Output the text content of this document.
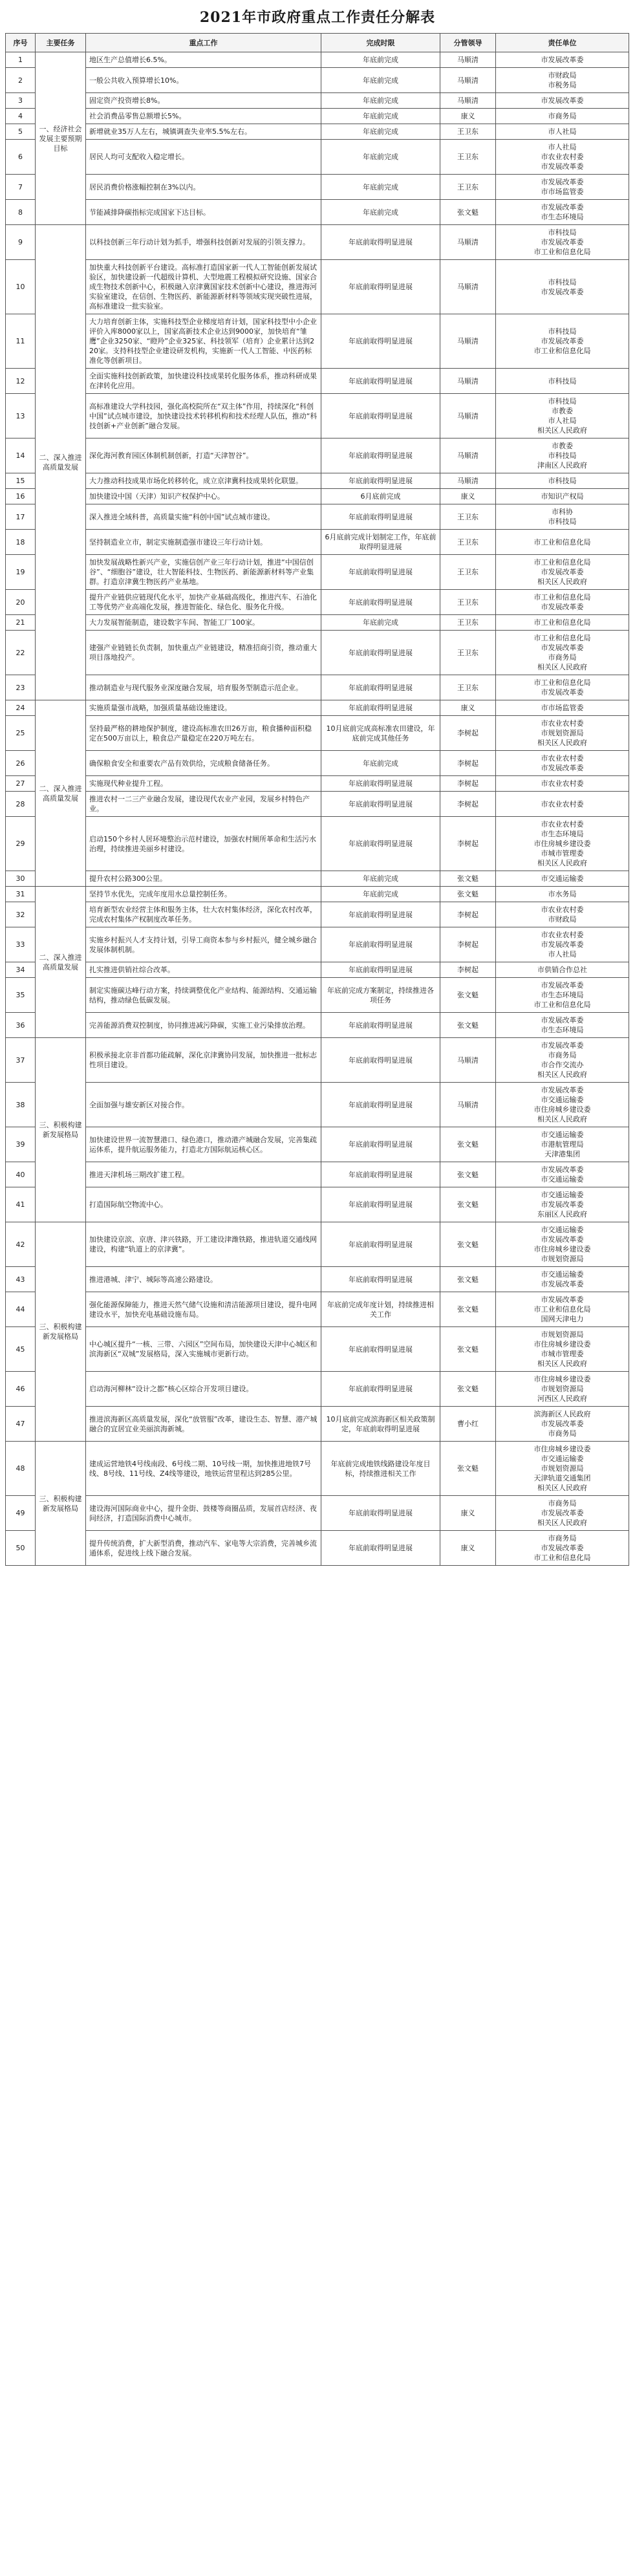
2021年市政府重点工作责任分解表
序号	主要任务	重点工作	完成时限	分管领导	责任单位
1	一、经济社会发展主要预期目标	地区生产总值增长6.5%。	年底前完成	马顺清	市发展改革委
2		一般公共收入预算增长10%。	年底前完成	马顺清	市财政局
市税务局
3		固定资产投资增长8%。	年底前完成	马顺清	市发展改革委
4		社会消费品零售总额增长5%。	年底前完成	康义	市商务局
5		新增就业35万人左右，城镇调查失业率5.5%左右。	年底前完成	王卫东	市人社局
6		居民人均可支配收入稳定增长。	年底前完成	王卫东	市人社局
市农业农村委
市发展改革委
7		居民消费价格涨幅控制在3%以内。	年底前完成	王卫东	市发展改革委
市市场监管委
8		节能减排降碳指标完成国家下达目标。	年底前完成	张文魁	市发展改革委
市生态环境局
9	二、深入推进高质量发展	以科技创新三年行动计划为抓手，增强科技创新对发展的引领支撑力。	年底前取得明显进展	马顺清	市科技局
市发展改革委
市工业和信息化局
10		加快重大科技创新平台建设。高标准打造国家新一代人工智能创新发展试验区，加快建设新一代超级计算机、大型地震工程模拟研究设施、国家合成生物技术创新中心，积极融入京津冀国家技术创新中心建设，推进海河实验室建设，在信创、生物医药、新能源新材料等领域实现突破性进展，高标准建设一批实验室。	年底前取得明显进展	马顺清	市科技局
市发展改革委
11		大力培育创新主体，实施科技型企业梯度培育计划，国家科技型中小企业评价入库8000家以上，国家高新技术企业达到9000家，加快培育“雏鹰”企业3250家、“瞪羚”企业325家、科技领军（培育）企业累计达到220家。支持科技型企业建设研发机构，实施新一代人工智能、中医药标准化等创新项目。	年底前取得明显进展	马顺清	市科技局
市发展改革委
市工业和信息化局
12		全面实施科技创新政策，加快建设科技成果转化服务体系，推动科研成果在津转化应用。	年底前取得明显进展	马顺清	市科技局
13		高标准建设大学科技园，强化高校院所在“双主体”作用，持续深化“科创中国”试点城市建设，加快建设技术转移机构和技术经理人队伍，推动“科技创新+产业创新”融合发展。	年底前取得明显进展	马顺清	市科技局
市教委
市人社局
相关区人民政府
14		深化海河教育园区体制机制创新，打造“天津智谷”。	年底前取得明显进展	马顺清	市教委
市科技局
津南区人民政府
15		大力推动科技成果市场化转移转化，成立京津冀科技成果转化联盟。	年底前取得明显进展	马顺清	市科技局
16		加快建设中国（天津）知识产权保护中心。	6月底前完成	康义	市知识产权局
17		深入推进全域科普，高质量实施“科创中国”试点城市建设。	年底前取得明显进展	王卫东	市科协
市科技局
18		坚持制造业立市，制定实施制造强市建设三年行动计划。	6月底前完成计划制定工作，年底前取得明显进展	王卫东	市工业和信息化局
19		加快发展战略性新兴产业，实施信创产业三年行动计划，推进“中国信创谷”、“细胞谷”建设，壮大智能科技、生物医药、新能源新材料等产业集群。打造京津冀生物医药产业基地。	年底前取得明显进展	王卫东	市工业和信息化局
市发展改革委
相关区人民政府
20		提升产业链供应链现代化水平，加快产业基础高级化，推进汽车、石油化工等优势产业高端化发展，推进智能化、绿色化、服务化升级。	年底前取得明显进展	王卫东	市工业和信息化局
市发展改革委
21		大力发展智能制造，建设数字车间、智能工厂100家。	年底前完成	王卫东	市工业和信息化局
22		建强产业链链长负责制，加快重点产业链建设，精准招商引资，推动重大项目落地投产。	年底前取得明显进展	王卫东	市工业和信息化局
市发展改革委
市商务局
相关区人民政府
23		推动制造业与现代服务业深度融合发展，培育服务型制造示范企业。	年底前取得明显进展	王卫东	市工业和信息化局
市发展改革委
24	二、深入推进高质量发展	实施质量强市战略，加强质量基础设施建设。	年底前取得明显进展	康义	市市场监管委
25		坚持最严格的耕地保护制度，建设高标准农田26万亩，粮食播种面积稳定在500万亩以上，粮食总产量稳定在220万吨左右。	10月底前完成高标准农田建设，年底前完成其他任务	李树起	市农业农村委
市规划资源局
相关区人民政府
26		确保粮食安全和重要农产品有效供给，完成粮食储备任务。	年底前完成	李树起	市农业农村委
市发展改革委
27		实施现代种业提升工程。	年底前取得明显进展	李树起	市农业农村委
28		推进农村一二三产业融合发展，建设现代农业产业园，发展乡村特色产业。	年底前取得明显进展	李树起	市农业农村委
29		启动150个乡村人居环境整治示范村建设，加强农村厕所革命和生活污水治理，持续推进美丽乡村建设。	年底前取得明显进展	李树起	市农业农村委
市生态环境局
市住房城乡建设委
市城市管理委
相关区人民政府
30		提升农村公路300公里。	年底前完成	张文魁	市交通运输委
31	二、深入推进高质量发展	坚持节水优先，完成年度用水总量控制任务。	年底前完成	张文魁	市水务局
32		培育新型农业经营主体和服务主体，壮大农村集体经济，深化农村改革，完成农村集体产权制度改革任务。	年底前取得明显进展	李树起	市农业农村委
市财政局
33		实施乡村振兴人才支持计划，引导工商资本参与乡村振兴，健全城乡融合发展体制机制。	年底前取得明显进展	李树起	市农业农村委
市发展改革委
市人社局
34		扎实推进供销社综合改革。	年底前取得明显进展	李树起	市供销合作总社
35		制定实施碳达峰行动方案，持续调整优化产业结构、能源结构、交通运输结构，推动绿色低碳发展。	年底前完成方案制定，持续推进各项任务	张文魁	市发展改革委
市生态环境局
市工业和信息化局
36		完善能源消费双控制度，协同推进减污降碳，实施工业污染排放治理。	年底前取得明显进展	张文魁	市发展改革委
市生态环境局
37	三、积极构建新发展格局	积极承接北京非首都功能疏解，深化京津冀协同发展，加快推进一批标志性项目建设。	年底前取得明显进展	马顺清	市发展改革委
市商务局
市合作交流办
相关区人民政府
38		全面加强与雄安新区对接合作。	年底前取得明显进展	马顺清	市发展改革委
市交通运输委
市住房城乡建设委
相关区人民政府
39		加快建设世界一流智慧港口、绿色港口，推动港产城融合发展，完善集疏运体系，提升航运服务能力，打造北方国际航运核心区。	年底前取得明显进展	张文魁	市交通运输委
市港航管理局
天津港集团
40		推进天津机场三期改扩建工程。	年底前取得明显进展	张文魁	市发展改革委
市交通运输委
41		打造国际航空物流中心。	年底前取得明显进展	张文魁	市交通运输委
市发展改革委
东丽区人民政府
42	三、积极构建新发展格局	加快建设京滨、京唐、津兴铁路，开工建设津潍铁路，推进轨道交通线网建设，构建“轨道上的京津冀”。	年底前取得明显进展	张文魁	市交通运输委
市发展改革委
市住房城乡建设委
市规划资源局
43		推进港城、津宁、城际等高速公路建设。	年底前取得明显进展	张文魁	市交通运输委
市发展改革委
44		强化能源保障能力，推进天然气储气设施和清洁能源项目建设，提升电网建设水平，加快充电基础设施布局。	年底前完成年度计划，持续推进相关工作	张文魁	市发展改革委
市工业和信息化局
国网天津电力
45		中心城区提升“一核、三带、六园区”空间布局，加快建设天津中心城区和滨海新区“双城”发展格局，深入实施城市更新行动。	年底前取得明显进展	张文魁	市规划资源局
市住房城乡建设委
市城市管理委
相关区人民政府
46		启动海河柳林“设计之都”核心区综合开发项目建设。	年底前取得明显进展	张文魁	市住房城乡建设委
市规划资源局
河西区人民政府
47		推进滨海新区高质量发展，深化“放管服”改革，建设生态、智慧、港产城融合的宜居宜业美丽滨海新城。	10月底前完成滨海新区相关政策制定，年底前取得明显进展	曹小红	滨海新区人民政府
市发展改革委
市商务局
48	三、积极构建新发展格局	建成运营地铁4号线南段、6号线二期、10号线一期，加快推进地铁7号线、8号线、11号线、Z4线等建设，地铁运营里程达到285公里。	年底前完成地铁线路建设年度目标，持续推进相关工作	张文魁	市住房城乡建设委
市交通运输委
市规划资源局
天津轨道交通集团
相关区人民政府
49		建设海河国际商业中心，提升金街、鼓楼等商圈品质，发展首店经济、夜间经济，打造国际消费中心城市。	年底前取得明显进展	康义	市商务局
市发展改革委
相关区人民政府
50		提升传统消费，扩大新型消费，推动汽车、家电等大宗消费，完善城乡流通体系，促进线上线下融合发展。	年底前取得明显进展	康义	市商务局
市发展改革委
市工业和信息化局
